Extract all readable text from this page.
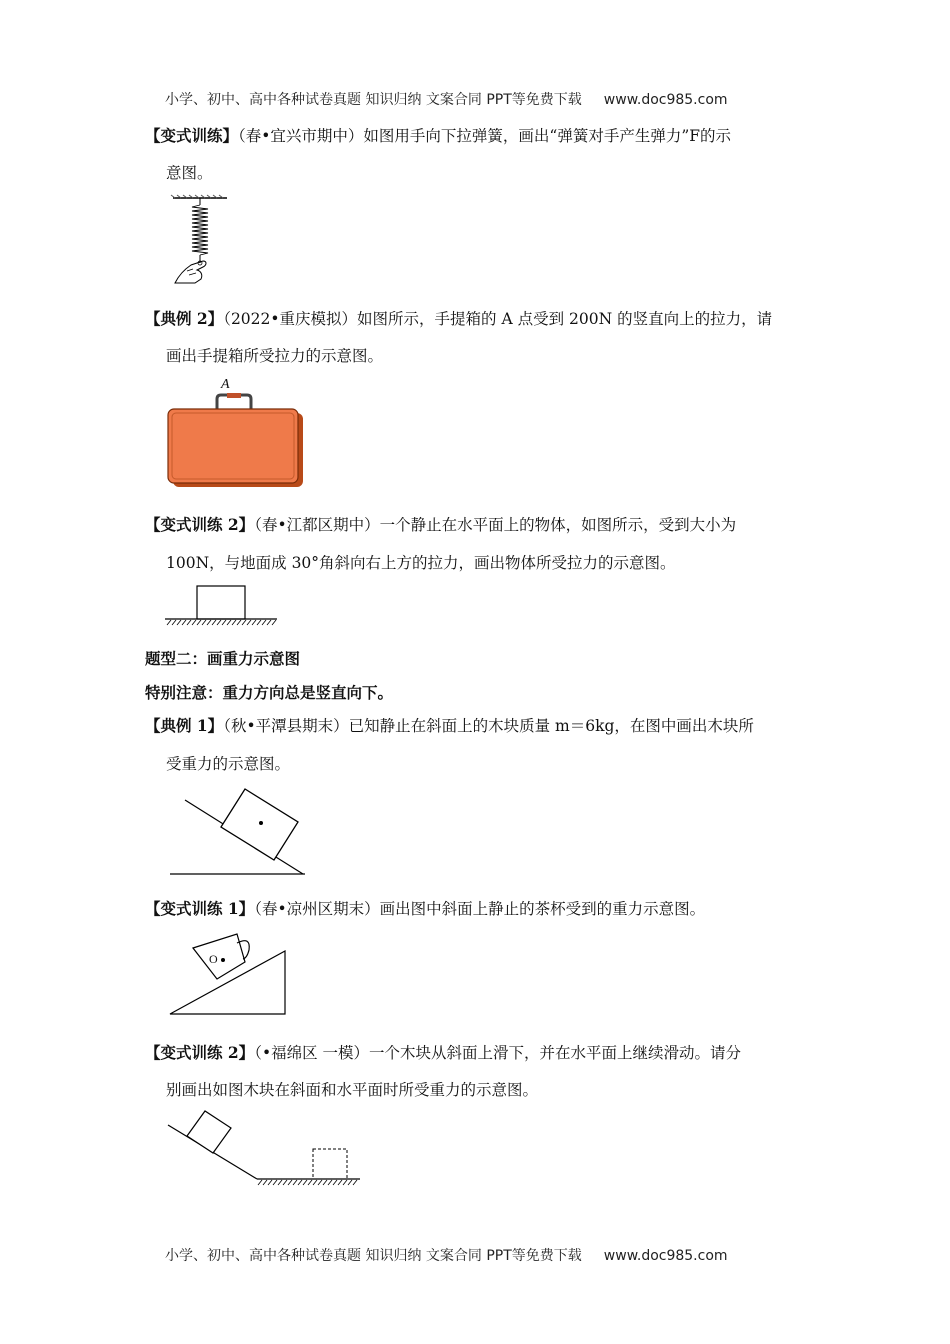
小学、初中、高中各种试卷真题 知识归纳 文案合同 PPT等免费下载 www.doc985.com
【变式训练】（春•宜兴市期中）如图用手向下拉弹簧，画出“弹簧对手产生弹力”F的示
意图。
【典例 2】（2022•重庆模拟）如图所示，手提箱的 A 点受到 200N 的竖直向上的拉力，请
画出手提箱所受拉力的示意图。
A
【变式训练 2】（春•江都区期中）一个静止在水平面上的物体，如图所示，受到大小为
100N，与地面成 30°角斜向右上方的拉力，画出物体所受拉力的示意图。
题型二：画重力示意图
特别注意：重力方向总是竖直向下。
【典例 1】（秋•平潭县期末）已知静止在斜面上的木块质量 m＝6kg，在图中画出木块所
受重力的示意图。
【变式训练 1】（春•凉州区期末）画出图中斜面上静止的茶杯受到的重力示意图。
O
【变式训练 2】（•福绵区 一模）一个木块从斜面上滑下，并在水平面上继续滑动。请分
别画出如图木块在斜面和水平面时所受重力的示意图。
小学、初中、高中各种试卷真题 知识归纳 文案合同 PPT等免费下载 www.doc985.com
